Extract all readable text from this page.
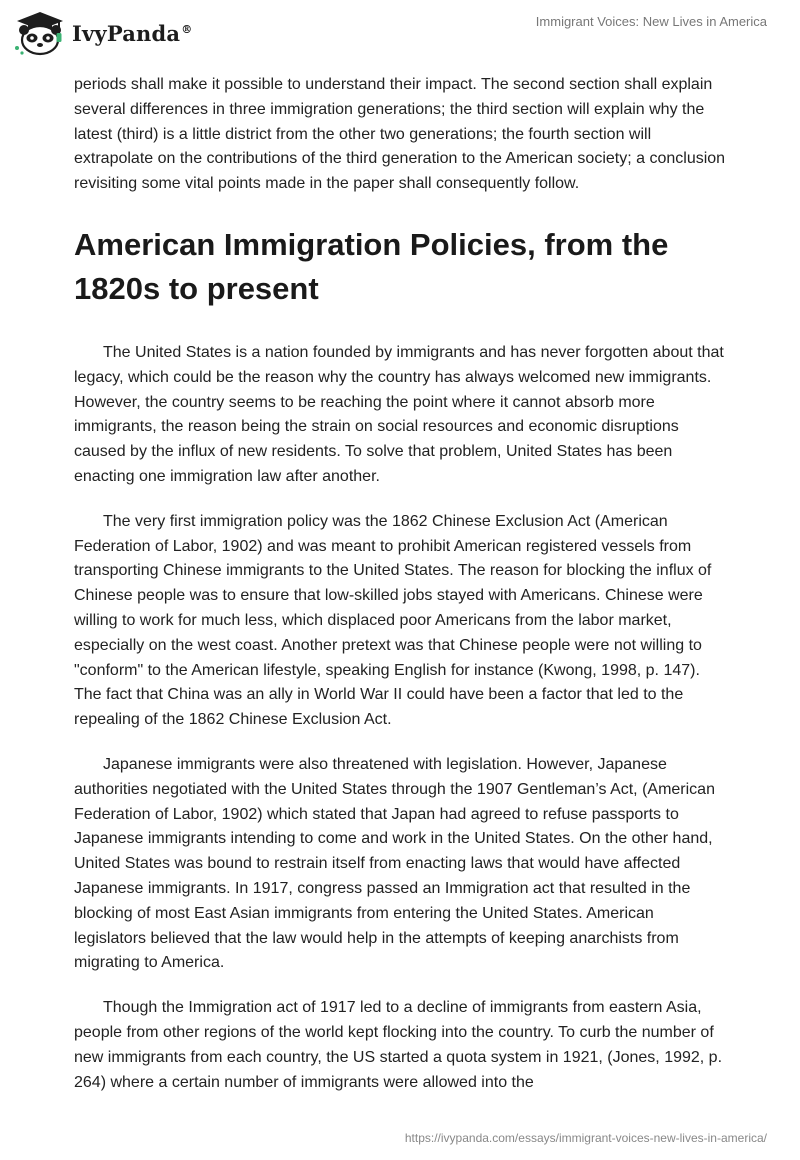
IvyPanda®	Immigrant Voices: New Lives in America

periods shall make it possible to understand their impact. The second section shall explain several differences in three immigration generations; the third section will explain why the latest (third) is a little district from the other two generations; the fourth section will extrapolate on the contributions of the third generation to the American society; a conclusion revisiting some vital points made in the paper shall consequently follow.

American Immigration Policies, from the 1820s to present

The United States is a nation founded by immigrants and has never forgotten about that legacy, which could be the reason why the country has always welcomed new immigrants. However, the country seems to be reaching the point where it cannot absorb more immigrants, the reason being the strain on social resources and economic disruptions caused by the influx of new residents. To solve that problem, United States has been enacting one immigration law after another.

The very first immigration policy was the 1862 Chinese Exclusion Act (American Federation of Labor, 1902) and was meant to prohibit American registered vessels from transporting Chinese immigrants to the United States. The reason for blocking the influx of Chinese people was to ensure that low-skilled jobs stayed with Americans. Chinese were willing to work for much less, which displaced poor Americans from the labor market, especially on the west coast. Another pretext was that Chinese people were not willing to "conform" to the American lifestyle, speaking English for instance (Kwong, 1998, p. 147). The fact that China was an ally in World War II could have been a factor that led to the repealing of the 1862 Chinese Exclusion Act.

Japanese immigrants were also threatened with legislation. However, Japanese authorities negotiated with the United States through the 1907 Gentleman’s Act, (American Federation of Labor, 1902) which stated that Japan had agreed to refuse passports to Japanese immigrants intending to come and work in the United States. On the other hand, United States was bound to restrain itself from enacting laws that would have affected Japanese immigrants. In 1917, congress passed an Immigration act that resulted in the blocking of most East Asian immigrants from entering the United States. American legislators believed that the law would help in the attempts of keeping anarchists from migrating to America.

Though the Immigration act of 1917 led to a decline of immigrants from eastern Asia, people from other regions of the world kept flocking into the country. To curb the number of new immigrants from each country, the US started a quota system in 1921, (Jones, 1992, p. 264) where a certain number of immigrants were allowed into the

https://ivypanda.com/essays/immigrant-voices-new-lives-in-america/
